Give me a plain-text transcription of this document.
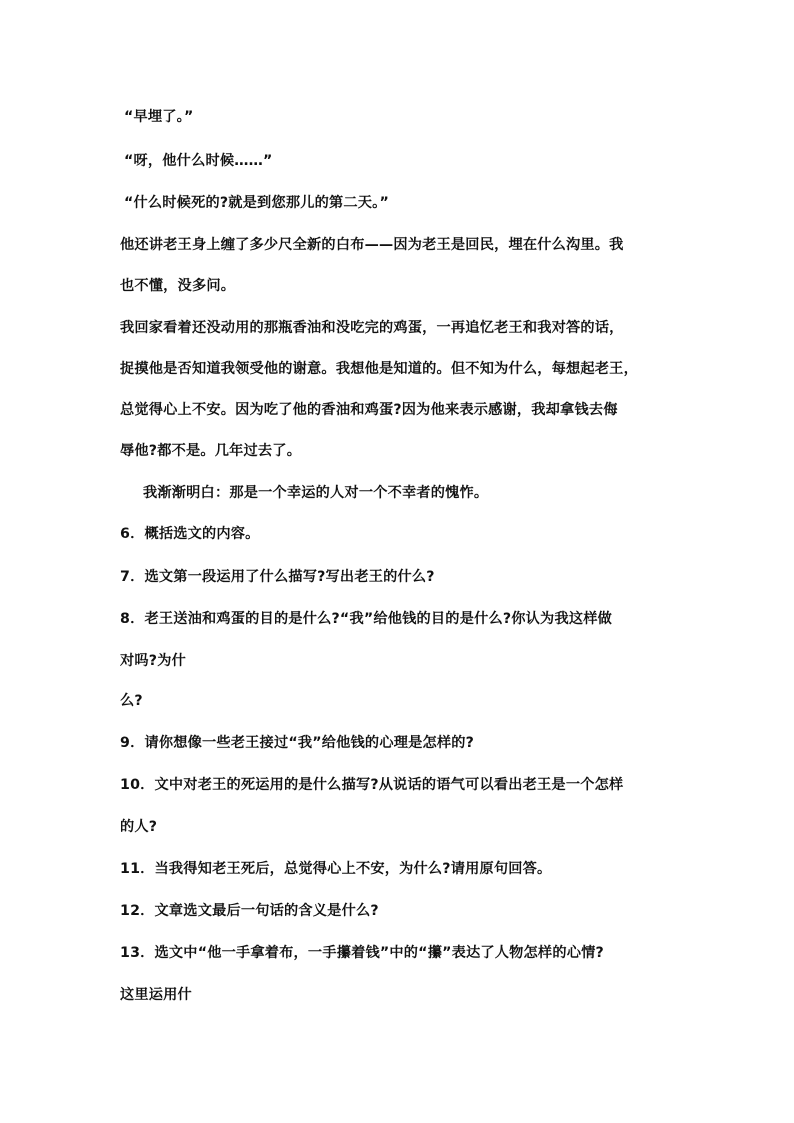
“早埋了。”
“呀，他什么时候……”
“什么时候死的?就是到您那儿的第二天。”
他还讲老王身上缠了多少尺全新的白布——因为老王是回民，埋在什么沟里。我
也不懂，没多问。
我回家看着还没动用的那瓶香油和没吃完的鸡蛋，一再追忆老王和我对答的话，
捉摸他是否知道我领受他的谢意。我想他是知道的。但不知为什么，每想起老王，
总觉得心上不安。因为吃了他的香油和鸡蛋?因为他来表示感谢，我却拿钱去侮
辱他?都不是。几年过去了。
我渐渐明白：那是一个幸运的人对一个不幸者的愧怍。
6．概括选文的内容。
7．选文第一段运用了什么描写?写出老王的什么?
8．老王送油和鸡蛋的目的是什么?“我”给他钱的目的是什么?你认为我这样做
对吗?为什
么?
9．请你想像一些老王接过“我”给他钱的心理是怎样的?
10．文中对老王的死运用的是什么描写?从说话的语气可以看出老王是一个怎样
的人?
11．当我得知老王死后，总觉得心上不安，为什么?请用原句回答。
12．文章选文最后一句话的含义是什么?
13．选文中“他一手拿着布，一手攥着钱”中的“攥”表达了人物怎样的心情?
这里运用什
